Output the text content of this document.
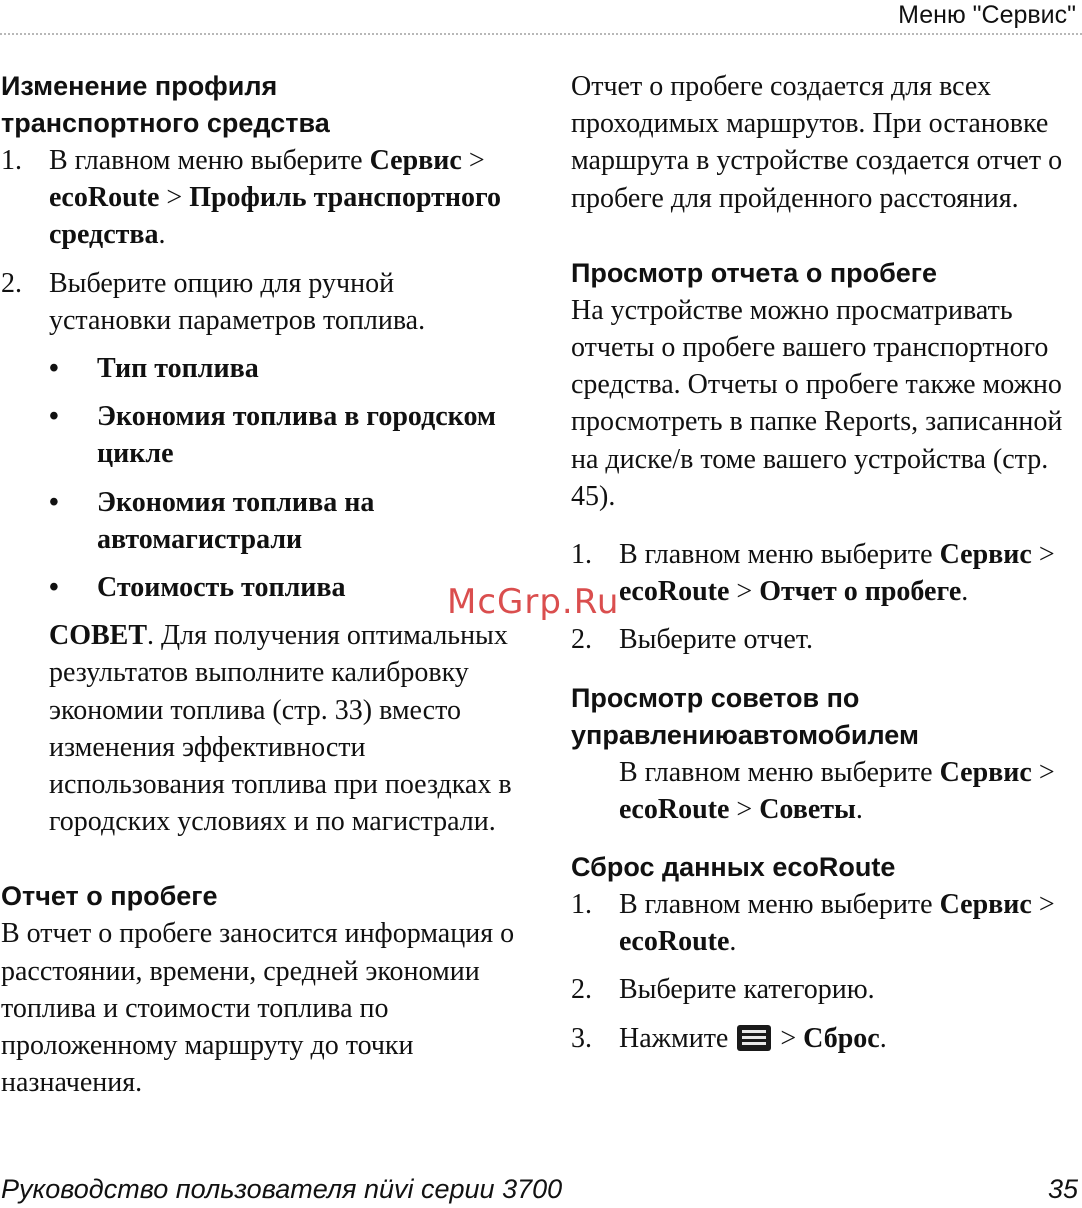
Меню "Сервис"
Изменение профиля
транспортного средства
1. В главном меню выберите Сервис > ecoRoute > Профиль транспортного средства.
2. Выберите опцию для ручной установки параметров топлива.
• Тип топлива
• Экономия топлива в городском цикле
• Экономия топлива на автомагистрали
• Стоимость топлива

СОВЕТ. Для получения оптимальных результатов выполните калибровку экономии топлива (стр. 33) вместо изменения эффективности использования топлива при поездках в городских условиях и по магистрали.

Отчет о пробеге

В отчет о пробеге заносится информация о расстоянии, времени, средней экономии топлива и стоимости топлива по проложенному маршруту до точки назначения.

Отчет о пробеге создается для всех проходимых маршрутов. При остановке маршрута в устройстве создается отчет о пробеге для пройденного расстояния.

Просмотр отчета о пробеге

На устройстве можно просматривать отчеты о пробеге вашего транспортного средства. Отчеты о пробеге также можно просмотреть в папке Reports, записанной на диске/в томе вашего устройства (стр. 45).

1. В главном меню выберите Сервис > ecoRoute > Отчет о пробеге.
2. Выберите отчет.
Просмотр советов по
управлениюавтомобилем

В главном меню выберите Сервис > ecoRoute > Советы.

Сброс данных ecoRoute
1. В главном меню выберите Сервис > ecoRoute.
2. Выберите категорию.
3. Нажмите
> Сброс.
McGrp.Ru
Руководство пользователя nüvi серии 3700	35
